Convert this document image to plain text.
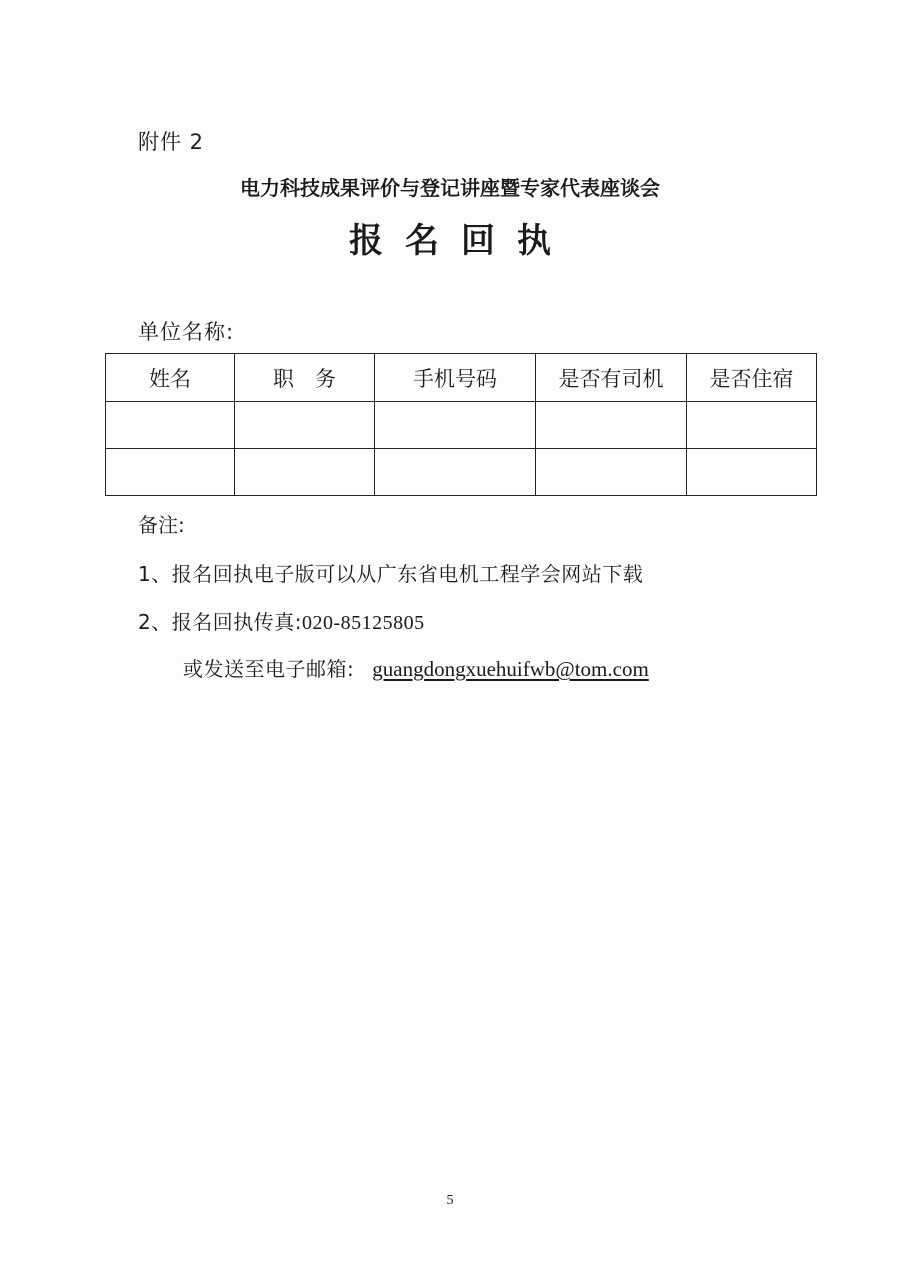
附件 2
电力科技成果评价与登记讲座暨专家代表座谈会
报名回执
单位名称:
姓名	职　务	手机号码	是否有司机	是否住宿

备注:
1、报名回执电子版可以从广东省电机工程学会网站下载
2、报名回执传真:020-85125805
或发送至电子邮箱: guangdongxuehuifwb@tom.com
5
